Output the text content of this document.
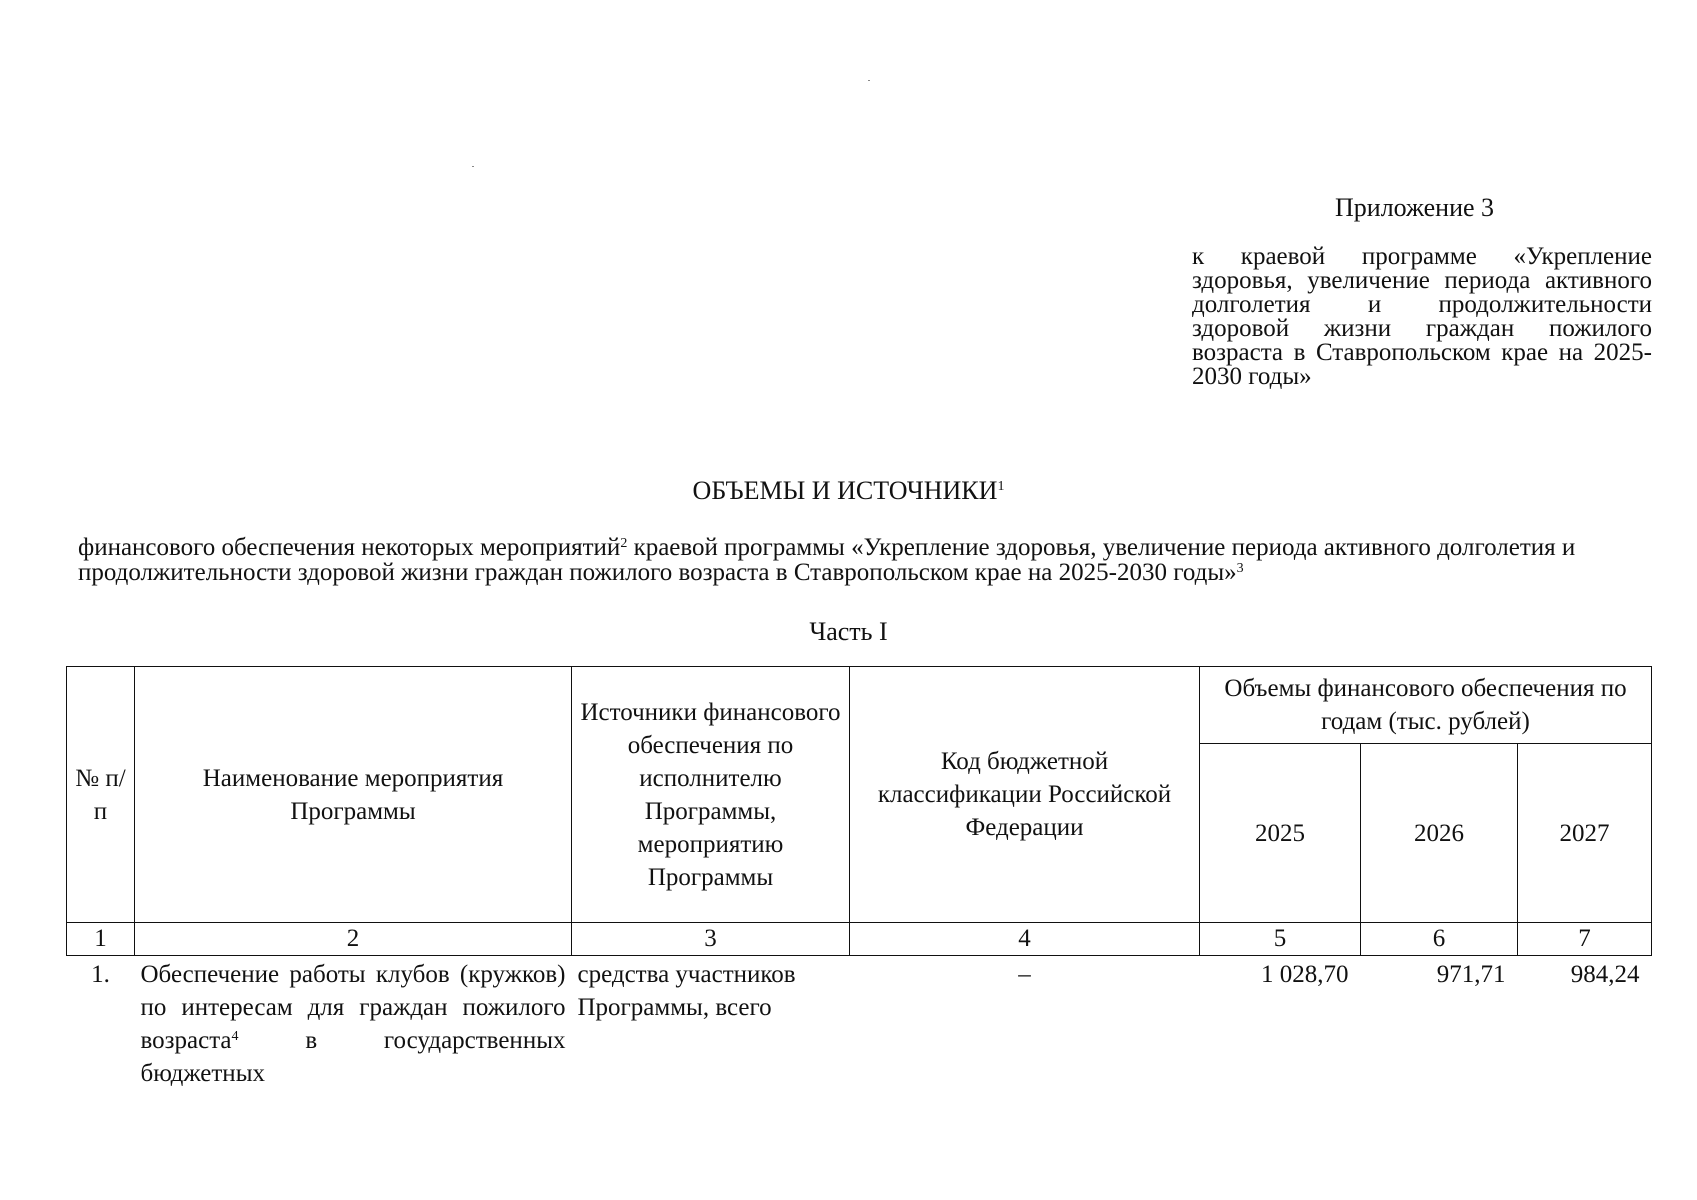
Приложение 3
к краевой программе «Укрепление здоровья, увеличение периода активного долголетия и продолжительности здоровой жизни граждан пожилого возраста в Ставропольском крае на 2025-2030 годы»
ОБЪЕМЫ И ИСТОЧНИКИ$^1$
финансового обеспечения некоторых мероприятий$^2$ краевой программы «Укрепление здоровья, увеличение периода активного долголетия и продолжительности здоровой жизни граждан пожилого возраста в Ставропольском крае на 2025-2030 годы»$^3$
Часть I
№ п/п	Наименование мероприятия Программы	Источники финансового обеспечения по исполнителю Программы, мероприятию Программы	Код бюджетной классификации Российской Федерации	Объемы финансового обеспечения по годам (тыс. рублей)		
				2025	2026	2027
1	2	3	4	5	6	7
1.	Обеспечение работы клубов (кружков) по интересам для граждан пожилого возраста$^4$ в государственных бюджетных	средства участников Программы, всего	–	1 028,70	971,71	984,24
